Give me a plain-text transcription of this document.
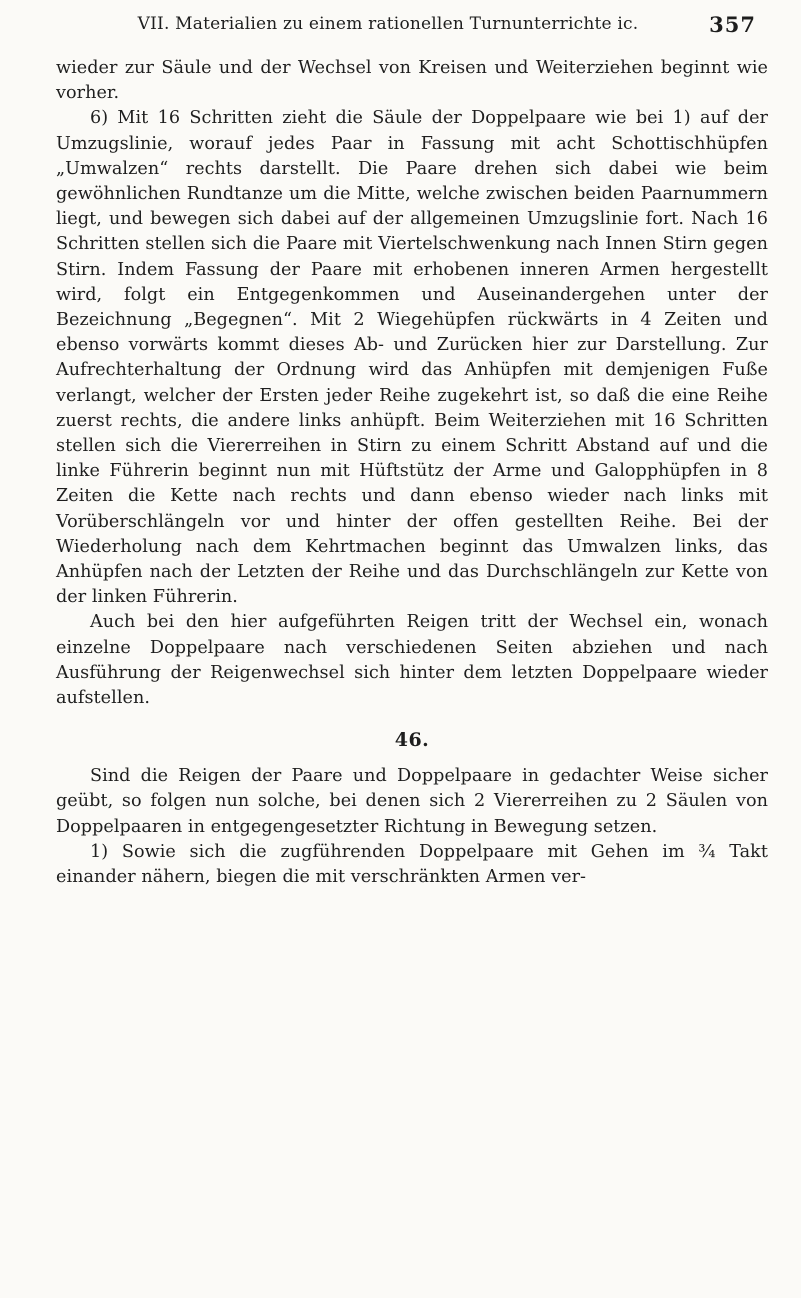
VII. Materialien zu einem rationellen Turnunterrichte ic.	357

wieder zur Säule und der Wechsel von Kreisen und Weiterziehen beginnt wie vorher.

6) Mit 16 Schritten zieht die Säule der Doppelpaare wie bei 1) auf der Umzugslinie, worauf jedes Paar in Fassung mit acht Schottischhüpfen „Umwalzen“ rechts darstellt. Die Paare drehen sich dabei wie beim gewöhnlichen Rundtanze um die Mitte, welche zwischen beiden Paarnummern liegt, und bewegen sich dabei auf der allgemeinen Umzugslinie fort. Nach 16 Schritten stellen sich die Paare mit Viertelschwenkung nach Innen Stirn gegen Stirn. Indem Fassung der Paare mit erhobenen inneren Armen hergestellt wird, folgt ein Entgegenkommen und Auseinandergehen unter der Bezeichnung „Begegnen“. Mit 2 Wiegehüpfen rückwärts in 4 Zeiten und ebenso vorwärts kommt dieses Ab- und Zurücken hier zur Darstellung. Zur Aufrechterhaltung der Ordnung wird das Anhüpfen mit demjenigen Fuße verlangt, welcher der Ersten jeder Reihe zugekehrt ist, so daß die eine Reihe zuerst rechts, die andere links anhüpft. Beim Weiterziehen mit 16 Schritten stellen sich die Viererreihen in Stirn zu einem Schritt Abstand auf und die linke Führerin beginnt nun mit Hüftstütz der Arme und Galopphüpfen in 8 Zeiten die Kette nach rechts und dann ebenso wieder nach links mit Vorüberschlängeln vor und hinter der offen gestellten Reihe. Bei der Wiederholung nach dem Kehrtmachen beginnt das Umwalzen links, das Anhüpfen nach der Letzten der Reihe und das Durchschlängeln zur Kette von der linken Führerin.

Auch bei den hier aufgeführten Reigen tritt der Wechsel ein, wonach einzelne Doppelpaare nach verschiedenen Seiten abziehen und nach Ausführung der Reigenwechsel sich hinter dem letzten Doppelpaare wieder aufstellen.

46.

Sind die Reigen der Paare und Doppelpaare in gedachter Weise sicher geübt, so folgen nun solche, bei denen sich 2 Viererreihen zu 2 Säulen von Doppelpaaren in entgegengesetzter Richtung in Bewegung setzen.

1) Sowie sich die zugführenden Doppelpaare mit Gehen im ¾ Takt einander nähern, biegen die mit verschränkten Armen ver-
